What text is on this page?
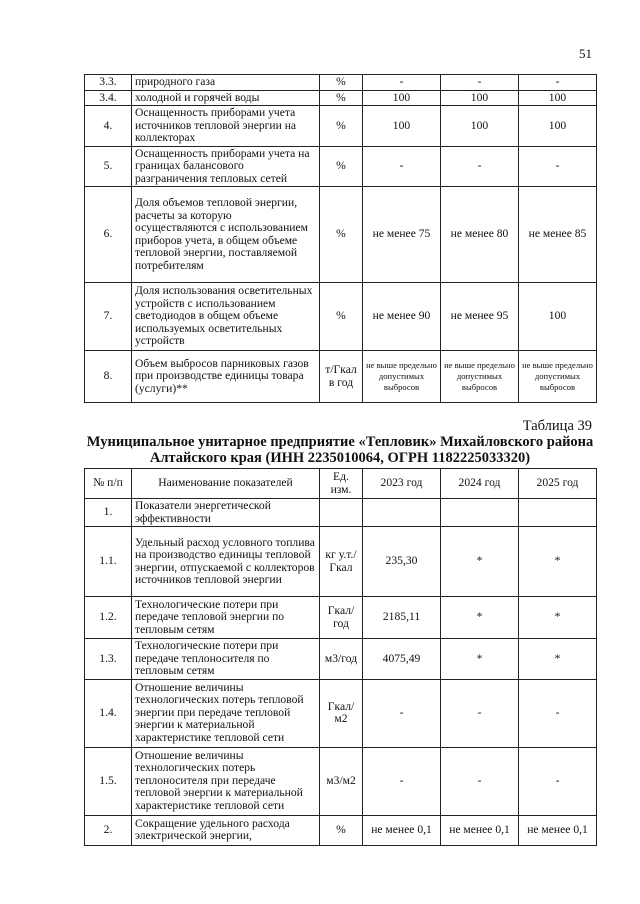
51
3.3.	природного газа	%	-	-	-
3.4.	холодной и горячей воды	%	100	100	100
4.	Оснащенность приборами учета источников тепловой энергии на коллекторах	%	100	100	100
5.	Оснащенность приборами учета на границах балансового разграничения тепловых сетей	%	-	-	-
6.	Доля объемов тепловой энергии, расчеты за которую осуществляются с использованием приборов учета, в общем объеме тепловой энергии, поставляемой потребителям	%	не менее 75	не менее 80	не менее 85
7.	Доля использования осветительных устройств с использованием светодиодов в общем объеме используемых осветительных устройств	%	не менее 90	не менее 95	100
8.	Объем выбросов парниковых газов при производстве единицы товара (услуги)**	т/Гкал в год	не выше предельно допустимых выбросов	не выше предельно допустимых выбросов	не выше предельно допустимых выбросов
Таблица 39
Муниципальное унитарное предприятие «Тепловик» Михайловского района Алтайского края (ИНН 2235010064, ОГРН 1182225033320)
№ п/п	Наименование показателей	Ед. изм.	2023 год	2024 год	2025 год
1.	Показатели энергетической эффективности				
1.1.	Удельный расход условного топлива на производство единицы тепловой энергии, отпускаемой с коллекторов источников тепловой энергии	кг у.т./ Гкал	235,30	*	*
1.2.	Технологические потери при передаче тепловой энергии по тепловым сетям	Гкал/ год	2185,11	*	*
1.3.	Технологические потери при передаче теплоносителя по тепловым сетям	м3/год	4075,49	*	*
1.4.	Отношение величины технологических потерь тепловой энергии при передаче тепловой энергии к материальной характеристике тепловой сети	Гкал/ м2	-	-	-
1.5.	Отношение величины технологических потерь теплоносителя при передаче тепловой энергии к материальной характеристике тепловой сети	м3/м2	-	-	-
2.	Сокращение удельного расхода электрической энергии,	%	не менее 0,1	не менее 0,1	не менее 0,1
